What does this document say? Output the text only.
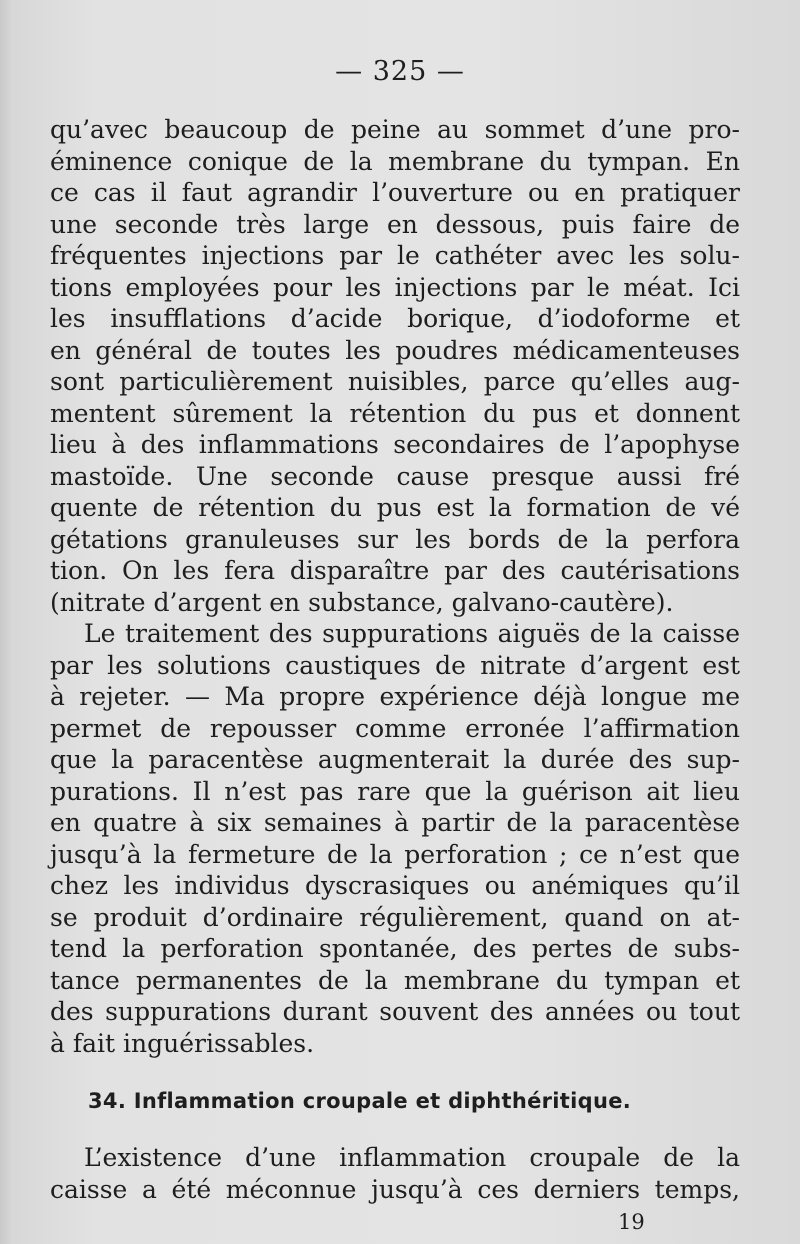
— 325 —
qu’avec beaucoup de peine au sommet d’une pro-
éminence conique de la membrane du tympan. En
ce cas il faut agrandir l’ouverture ou en pratiquer
une seconde très large en dessous, puis faire de
fréquentes injections par le cathéter avec les solu-
tions employées pour les injections par le méat. Ici
les insufflations d’acide borique, d’iodoforme et
en général de toutes les poudres médicamenteuses
sont particulièrement nuisibles, parce qu’elles aug-
mentent sûrement la rétention du pus et donnent
lieu à des inflammations secondaires de l’apophyse
mastoïde. Une seconde cause presque aussi fré
quente de rétention du pus est la formation de vé
gétations granuleuses sur les bords de la perfora
tion. On les fera disparaître par des cautérisations
(nitrate d’argent en substance, galvano-cautère).
Le traitement des suppurations aiguës de la caisse
par les solutions caustiques de nitrate d’argent est
à rejeter. — Ma propre expérience déjà longue me
permet de repousser comme erronée l’affirmation
que la paracentèse augmenterait la durée des sup-
purations. Il n’est pas rare que la guérison ait lieu
en quatre à six semaines à partir de la paracentèse
jusqu’à la fermeture de la perforation ; ce n’est que
chez les individus dyscrasiques ou anémiques qu’il
se produit d’ordinaire régulièrement, quand on at-
tend la perforation spontanée, des pertes de subs-
tance permanentes de la membrane du tympan et
des suppurations durant souvent des années ou tout
à fait inguérissables.
34. Inflammation croupale et diphthéritique.
L’existence d’une inflammation croupale de la
caisse a été méconnue jusqu’à ces derniers temps,
19
